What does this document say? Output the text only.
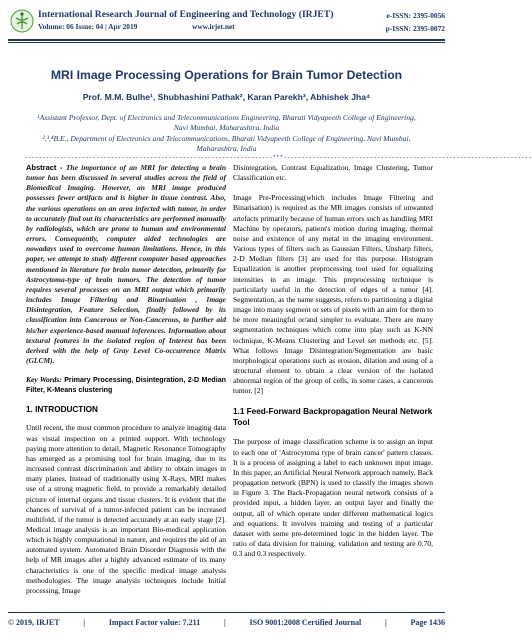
International Research Journal of Engineering and Technology (IRJET)
Volume: 06 Issue: 04 | Apr 2019	www.irjet.net
e-ISSN: 2395-0056
p-ISSN: 2395-0072
MRI Image Processing Operations for Brain Tumor Detection
Prof. M.M. Bulhe¹, Shubhashini Pathak², Karan Parekh³, Abhishek Jha⁴
¹Assistant Professor, Dept. of Electronics and Telecommunications Engineering, Bharati Vidyapeeth College of Engineering, Navi Mumbai, Maharashtra, India
²,³,⁴B.E., Department of Electronics and Telecommunications, Bharati Vidyapeeth College of Engineering, Navi Mumbai, Maharashtra, India
---------------------------------------------------------------------***---------------------------------------------------------------------

Abstract - The importance of an MRI for detecting a brain tumor has been discussed in several studies across the field of Biomedical Imaging. However, an MRI image produced possesses fewer artifacts and is higher in tissue contrast. Also, the various operations on an area infected with tumor, in order to accurately find out its characteristics are performed manually by radiologists, which are prone to human and environmental errors. Consequently, computer aided technologies are nowadays used to overcome human limitations. Hence, in this paper, we attempt to study different computer based approaches mentioned in literature for brain tumor detection, primarily for Astrocytoma-type of brain tumors. The detection of tumor requires several processes on an MRI output which primarily includes Image Filtering and Binarisation , Image Disintegration, Feature Selection, finally followed by its classification into Cancerous or Non-Cancerous, to further aid his/her experience-based manual inferences. Information about textural features in the isolated region of Interest has been derived with the help of Gray Level Co-occurrence Matrix (GLCM).

Key Words: Primary Processing, Disintegration, 2-D Median Filter, K-Means clustering

1. INTRODUCTION

Until recent, the most common procedure to analyze imaging data was visual inspection on a printed support. With technology paying more attention to detail, Magnetic Resonance Tomography has emerged as a promising tool for brain imaging, due to its increased contrast discrimination and ability to obtain images in many planes. Instead of traditionally using X-Rays, MRI makes use of a strong magnetic field, to provide a remarkably detailed picture of internal organs and tissue clusters. It is evident that the chances of survival of a tumor-infected patient can be increased multifold, if the tumor is detected accurately at an early stage [2]. Medical image analysis is an important Bio-medical application which is highly computational in nature, and requires the aid of an automated system. Automated Brain Disorder Diagnosis with the help of MR images after a highly advanced estimate of its many characteristics is one of the specific medical image analysis methodologies. The image analysis techniques include Initial processing, Image

Disintegration, Contrast Equalization, Image Clustering, Tumor Classification etc.

Image Pre-Processing(which includes Image Filtering and Binarisation) is required as the MR images consists of unwanted artefacts primarily because of human errors such as handling MRI Machine by operators, patient's motion during imaging, thermal noise and existence of any metal in the imaging environment. Various types of filters such as Gaussian Filters, Unsharp filters, 2-D Median filters [3] are used for this purpose. Histogram Equalization is another preprocessing tool used for equalizing intensities in an image. This preprocessing technique is particularly useful in the detection of edges of a tumor [4]. Segmentation, as the name suggests, refers to partitioning a digital image into many segment or sets of pixels with an aim for them to be more meaningful or/and simpler to evaluate. There are many segmentation techniques which come into play such as K-NN technique, K-Means Clustering and Level set methods etc. [5]. What follows Image Disintegration/Segmentation are basic morphological operations such as erosion, dilation and using of a structural element to obtain a clear version of the isolated abnormal region of the group of cells, in some cases, a cancerous tumor. [2]

1.1 Feed-Forward Backpropagation Neural Network Tool

The purpose of image classification scheme is to assign an input to each one of 'Astrocytoma type of brain cancer' pattern classes. It is a process of assigning a label to each unknown input image. In this paper, an Artificial Neural Network approach namely, Back propagation network (BPN) is used to classify the images shown in Figure 3. The Back-Propagation neural network consists of a provided input, a hidden layer, an output layer and finally the output, all of which operate under different mathematical logics and equations. It involves training and testing of a particular dataset with some pre-determined logic in the hidden layer. The ratio of data division for training, validation and testing are 0.70, 0.3 and 0.3 respectively.

© 2019, IRJET	|	Impact Factor value: 7.211	|	ISO 9001:2008 Certified Journal	|	Page 1436
